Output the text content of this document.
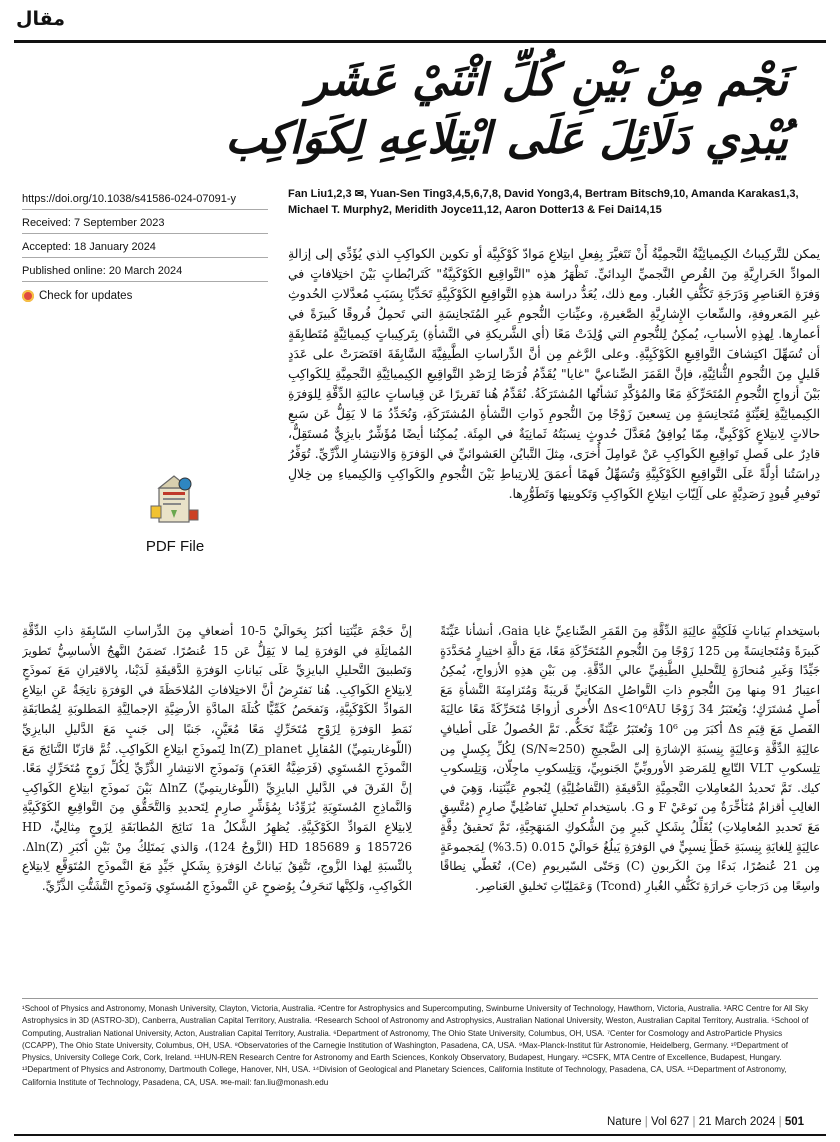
مقال
نَجْم مِنْ بَيْنِ كُلِّ اثْنَيْ عَشَر
يُبْدِي دَلَائِلَ عَلَى ابْتِلَاعِهِ لِكَوَاكِب
https://doi.org/10.1038/s41586-024-07091-y
Received: 7 September 2023
Accepted: 18 January 2024
Published online: 20 March 2024
Check for updates
Fan Liu1,2,3 ✉, Yuan-Sen Ting3,4,5,6,7,8, David Yong3,4, Bertram Bitsch9,10, Amanda Karakas1,3, Michael T. Murphy2, Meridith Joyce11,12, Aaron Dotter13 & Fei Dai14,15
يمكن للتَّركِيباتُ الكِيميائِيَّةُ النَّجمِيَّةُ أَنْ تَتَغيَّرَ بِفِعلِ ابتِلاعِ مَوادّ كَوْكَبِيَّة أو تكوين الكواكِبِ الذي يُؤَدِّي إلى إزالةِ الموادِّ الحَرارِيَّةِ مِنَ القُرصِ النَّجميِّ البِدائيِّ. تَظْهَرُ هذِه "التَّواقِيع الكَوْكَبِيَّةُ" كَتَرابُطاتٍ بَيْنَ اختِلافاتٍ في وَفرَةِ العَناصِرِ وَدَرَجَةِ تَكَثُّفِ الغُبار. ومع ذلك، يُعَدُّ دراسة هذِهِ التَّواقِيعِ الكَوْكَبِيَّةِ تَحَدِّيًا بِسَبَبِ مُعدَّلاتِ الحُدوثِ غيرِ المَعروفةِ، والسِّعاتِ الإِشارِيَّةِ الصَّغيرةِ، وعيِّناتِ النُّجومِ غَيرِ المُتَجانِسَةِ التي تَحمِلُ فُروقًا كَبيرَةً في أعمارِها. لِهذِهِ الأسبابِ، يُمكِنُ لِلنُّجومِ التي وُلِدَتْ مَعًا (أي الشَّريكةِ في النَّشأةِ) بِتَركِيباتٍ كِيميائِيَّةٍ مُتَطابِقَةٍ أن تُسَهِّلَ اكتِشافَ التَّواقِيعِ الكَوْكَبِيَّةِ. وعلى الرَّغمِ مِن أنَّ الدِّراساتِ الطَّيفِيَّةَ السَّابِقَةَ اقتَصَرَتْ على عَدَدٍ قَليلٍ مِنَ النُّجومِ الثُّنائِيَّةِ، فإنَّ القَمَرَ الصِّناعيَّ "غايا" يُقَدِّمُ فُرَصًا لِرَصْدِ التَّواقِيعِ الكِيميائِيَّةِ النَّجمِيَّةِ لِلكَواكِبِ بَيْنَ أزواجِ النُّجومِ المُتَحَرِّكَةِ مَعًا والمُؤكَّدِ نَشأتُها المُشتَرَكَةُ. نُقَدِّمُ هُنا تَقريرًا عَن قِياساتٍ عاليَةِ الدِّقَّةِ لِلوَفرَةِ الكِيميائِيَّةِ لِعَيِّنَةٍ مُتَجانِسَةٍ مِن تِسعينَ زَوْجًا مِنَ النُّجومِ ذَواتِ النَّشأةِ المُشتَرَكَةِ، وَنُحَدِّدُ مَا لا يَقِلُّ عَن سَبعِ حالاتٍ لِابتِلاعٍ كَوْكَبِيٍّ، مِمّا يُوافِقُ مُعَدَّلَ حُدوثٍ نِسبَتُهُ ثَمانِيَةٌ في المِئَة. يُمكِنُنا أيضًا مُؤَشِّرٌ بايزِيٌّ مُستَقِلٌّ، قادِرٌ على فَصلِ تَواقِيعِ الكَواكِبِ عَنْ عَوامِلَ أُخرَى، مِثلَ التَّبايُنِ العَشوائيِّ في الوَفرَةِ وَالانتِشارِ الذَّرِّيِّ. تُوَفِّرُ دِراسَتُنا أدِلَّةً عَلَى التَّواقِيعِ الكَوْكَبِيَّةِ وَتُسَهِّلُ فَهمًا أعمَقَ لِلارتِباطِ بَيْنَ النُّجومِ والكَواكِبِ وَالكِيمياءِ مِن خِلالِ تَوفيرِ قُيودٍ رَصَدِيَّةٍ على آلِيّاتِ ابتِلاعِ الكَواكِبِ وَتَكوينِها وَتَطَوُّرِها.
PDF File
باستِخدامِ بَياناتٍ فَلَكِيَّةٍ عالِيَةِ الدِّقَّةِ مِنَ القَمَرِ الصِّناعِيِّ غايا Gaia، أنشأنا عَيِّنَةً كَبيرَةً وَمُتَجانِسَةً مِن 125 زَوْجًا مِنَ النُّجومِ المُتَحَرِّكَةِ مَعًا، مَعَ دالَّةِ اختِيارٍ مُحَدَّدَةٍ جَيِّدًا وَغَيرِ مُنحازَةٍ لِلتَّحليلِ الطَّيفِيِّ عالي الدِّقَّةِ. مِن بَيْنِ هذِهِ الأزواجِ، يُمكِنُ اعتِبارُ 91 مِنها مِنَ النُّجومِ ذاتِ التَّواصُلِ المَكانِيِّ قَريبَةً وَمُتَزامِنَةَ النَّشأةِ مَعَ أَصلٍ مُشتَرَكٍ؛ وَيُعتَبَرُ 34 زَوْجًا Δs<10⁶AU الأُخرى أزواجًا مُتَحَرِّكَةً مَعًا عالِيَةَ الفَصلِ مَعَ قِيَمِ Δs أكبَرَ مِن 10⁶ وَتُعتَبَرُ عَيِّنَةً تَحَكُّم. تَمَّ الحُصولُ عَلَى أطيافٍ عالِيَةِ الدِّقَّةِ وَعالِيَةٍ بِنِسبَةِ الإشارَةِ إلى الضَّجيجِ (S/N≈250) لِكُلِّ بِكِسلٍ مِن تِلِسكوبِ VLT التّابِعِ لِلمَرصَدِ الأوروبِّيِّ الجَنوبِيِّ، وَتِلِسكوبِ ماجِلّان، وَتِلِسكوبِ كيك. تَمَّ تَحديدُ المُعامِلاتِ النَّجمِيَّةِ الدَّقيقَةِ (التَّفاضُلِيَّةِ) لِنُجومِ عَيِّنَتِنا، وَهِيَ في الغالِبِ أقزامٌ مُتَأخِّرَةٌ مِن نَوعَيْ F و G. باستِخدامِ تَحليلٍ تَفاضُلِيٍّ صارِمٍ (مُتَّسِقٍ مَعَ تَحديدِ المُعامِلاتِ) يُقَلِّلُ بِشَكلٍ كَبيرٍ مِنَ الشُّكوكِ المَنهَجِيَّةِ، تَمَّ تَحقيقُ دِقَّةٍ عالِيَةٍ لِلغايَةِ بِنِسبَةِ خَطَأٍ نِسبِيٍّ في الوَفرَةِ يَبلُغُ حَوالَيْ 0.015 (3.5%) لِمَجموعَةٍ مِن 21 عُنصُرًا، بَدءًا مِنَ الكَربونِ (C) وَحَتّى السّيريومِ (Ce)، تُغَطّي نِطاقًا واسِعًا مِن دَرَجاتِ حَرارَةِ تَكَثُّفِ الغُبارِ (Tcond) وَعَمَلِيّاتِ تَخليقِ العَناصِر.
إنَّ حَجْمَ عَيِّنَتِنا أكبَرُ بِحَوالَيْ 5-10 أضعافٍ مِنَ الدِّراساتِ السّابِقَةِ ذاتِ الدِّقَّةِ المُماثِلَةِ في الوَفرَةِ لِما لا يَقِلُّ عَن 15 عُنصُرًا. تَضمَنُ النَّهجُ الأساسِيُّ تَطويرَ وَتَطبيقَ التَّحليلِ البايزِيِّ عَلَى بَياناتِ الوَفرَةِ الدَّقيقَةِ لَدَيْنا، بِالاقتِرانِ مَعَ نَموذَجٍ لِابتِلاعِ الكَواكِبِ. هُنا نَفتَرِضُ أنَّ الاختِلافاتِ المُلاحَظَةَ في الوَفرَةِ ناتِجَةٌ عَنِ ابتِلاعِ المَوادِّ الكَوْكَبِيَّةِ، وَنَفحَصُ كَمِّيًّا كُتلَةَ المادَّةِ الأرضِيَّةِ الإجمالِيَّةِ المَطلوبَةِ لِمُطابَقَةِ نَمَطِ الوَفرَةِ لِزَوْجٍ مُتَحَرِّكٍ مَعًا مُعَيَّنٍ، جَنبًا إلى جَنبٍ مَعَ الدَّليلِ البايزِيِّ (اللّوغاريتمِيِّ) المُقابِلِ ln(Z)_planet لِنَموذَجِ ابتِلاعِ الكَواكِبِ. ثُمَّ قارَنّا النَّتائِجَ مَعَ النَّموذَجِ المُستَوِي (فَرَضِيَّةُ العَدَمِ) وَنَموذَجِ الانتِشارِ الذَّرِّيِّ لِكُلِّ زَوجٍ مُتَحَرِّكٍ مَعًا. إنَّ الفَرقَ في الدَّليلِ البايزِيِّ (اللّوغاريتمِيِّ) ΔlnZ بَيْنَ نَموذَجِ ابتِلاعِ الكَواكِبِ وَالنَّماذِجِ المُستَوِيَةِ يُزَوِّدُنا بِمُؤَشِّرٍ صارِمٍ لِتَحديدِ وَالتَّحَقُّقِ مِنَ التَّواقِيعِ الكَوْكَبِيَّةِ لِابتِلاعِ المَوادِّ الكَوْكَبِيَّةِ. يُظهِرُ الشَّكلُ 1a نَتائِجَ المُطابَقَةِ لِزَوجٍ مِثالِيٍّ، HD 185726 وَ HD 185689 (الزَّوجُ 124)، وَالذي يَمتَلِكُ مِنْ بَيْنِ أكبَرِ Δln(Z). بِالنِّسبَةِ لِهذا الزَّوجِ، تَتَّفِقُ بَياناتُ الوَفرَةِ بِشَكلٍ جَيِّدٍ مَعَ النَّموذَجِ المُتَوَقَّعِ لِابتِلاعِ الكَواكِبِ، وَلكِنَّها تَنحَرِفُ بِوُضوحٍ عَنِ النَّموذَجِ المُستَوِي وَنَموذَجِ التَّشَتُّتِ الذَّرِّيِّ.
¹School of Physics and Astronomy, Monash University, Clayton, Victoria, Australia. ²Centre for Astrophysics and Supercomputing, Swinburne University of Technology, Hawthorn, Victoria, Australia. ³ARC Centre for All Sky Astrophysics in 3D (ASTRO-3D), Canberra, Australian Capital Territory, Australia. ⁴Research School of Astronomy and Astrophysics, Australian National University, Weston, Australian Capital Territory, Australia. ⁵School of Computing, Australian National University, Acton, Australian Capital Territory, Australia. ⁶Department of Astronomy, The Ohio State University, Columbus, OH, USA. ⁷Center for Cosmology and AstroParticle Physics (CCAPP), The Ohio State University, Columbus, OH, USA. ⁸Observatories of the Carnegie Institution of Washington, Pasadena, CA, USA. ⁹Max-Planck-Institut für Astronomie, Heidelberg, Germany. ¹⁰Department of Physics, University College Cork, Cork, Ireland. ¹¹HUN-REN Research Centre for Astronomy and Earth Sciences, Konkoly Observatory, Budapest, Hungary. ¹²CSFK, MTA Centre of Excellence, Budapest, Hungary. ¹³Department of Physics and Astronomy, Dartmouth College, Hanover, NH, USA. ¹⁴Division of Geological and Planetary Sciences, California Institute of Technology, Pasadena, CA, USA. ¹⁵Department of Astronomy, California Institute of Technology, Pasadena, CA, USA. ✉e-mail: fan.liu@monash.edu
Nature | Vol 627 | 21 March 2024 | 501
